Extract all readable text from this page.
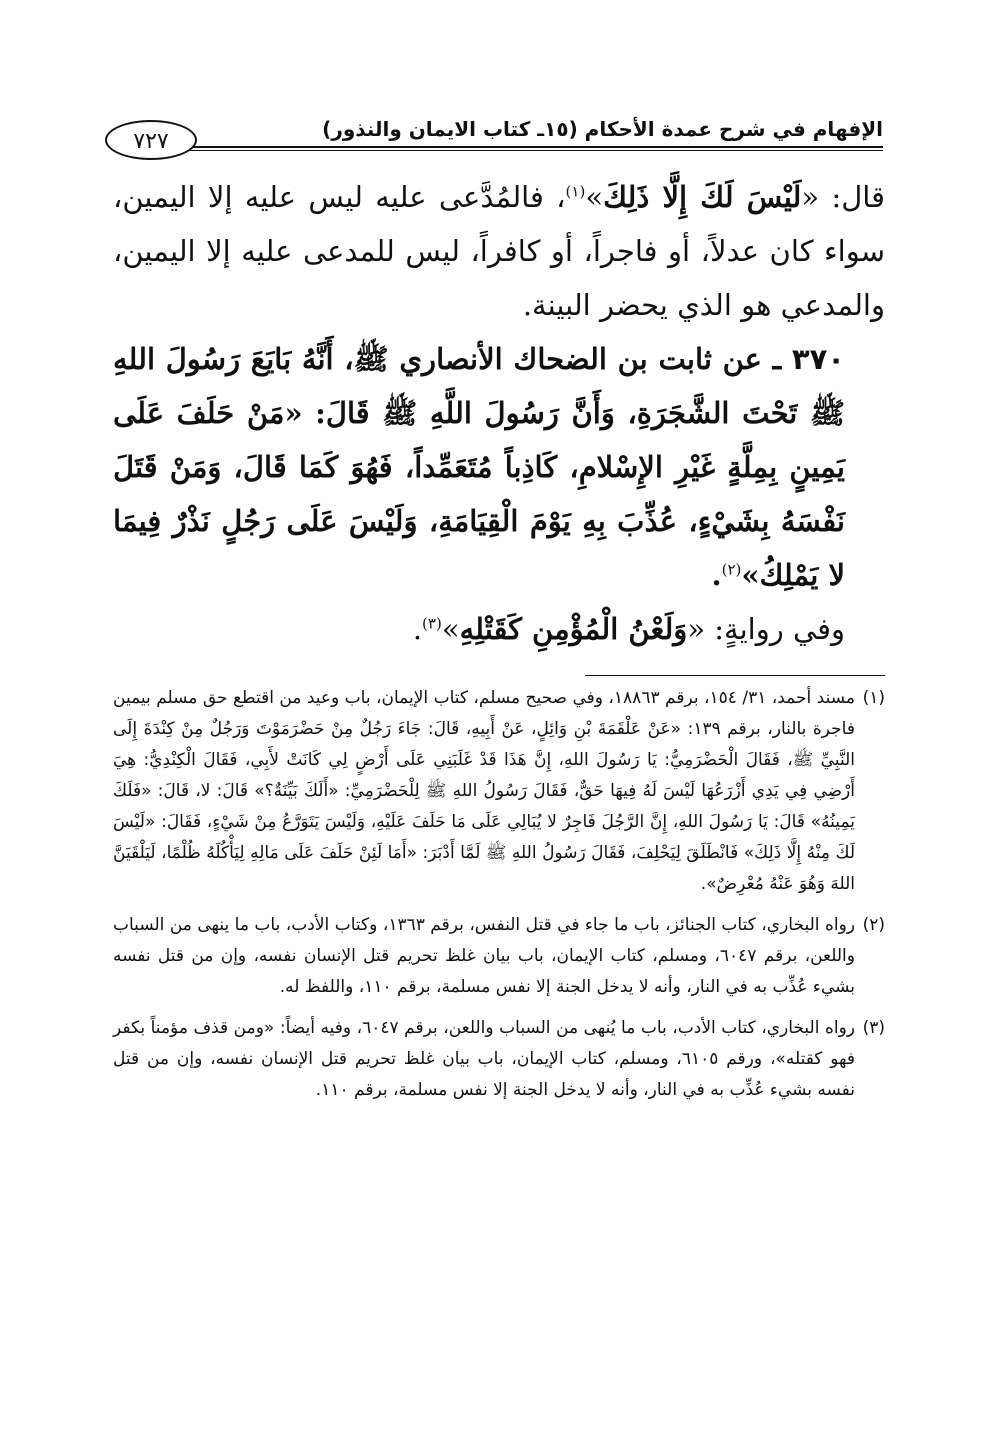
الإفهام في شرح عمدة الأحكام (١٥ـ كتاب الايمان والنذور)
٧٢٧

قال: «لَيْسَ لَكَ إِلَّا ذَلِكَ»$^{(١)}$، فالمُدَّعى عليه ليس عليه إلا اليمين، سواء كان عدلاً، أو فاجراً، أو كافراً، ليس للمدعى عليه إلا اليمين، والمدعي هو الذي يحضر البينة.

٣٧٠ ـ عن ثابت بن الضحاك الأنصاري ﷺ، أَنَّهُ بَايَعَ رَسُولَ اللهِ ﷺ تَحْتَ الشَّجَرَةِ، وَأَنَّ رَسُولَ اللَّهِ ﷺ قَالَ: «مَنْ حَلَفَ عَلَى يَمِينٍ بِمِلَّةٍ غَيْرِ الإِسْلامِ، كَاذِباً مُتَعَمِّداً، فَهُوَ كَمَا قَالَ، وَمَنْ قَتَلَ نَفْسَهُ بِشَيْءٍ، عُذِّبَ بِهِ يَوْمَ الْقِيَامَةِ، وَلَيْسَ عَلَى رَجُلٍ نَذْرٌ فِيمَا لا يَمْلِكُ»$^{(٢)}$.

وفي روايةٍ: «وَلَعْنُ الْمُؤْمِنِ كَقَتْلِهِ»$^{(٣)}$.

(١)
مسند أحمد، ٣١/ ١٥٤، برقم ١٨٨٦٣، وفي صحيح مسلم، كتاب الإيمان، باب وعيد من اقتطع حق مسلم بيمين فاجرة بالنار، برقم ١٣٩: «عَنْ عَلْقَمَةَ بْنِ وَائِلٍ، عَنْ أَبِيهِ، قَالَ: جَاءَ رَجُلٌ مِنْ حَضْرَمَوْتَ وَرَجُلٌ مِنْ كِنْدَةَ إِلَى النَّبِيِّ ﷺ، فَقَالَ الْحَضْرَمِيُّ: يَا رَسُولَ اللهِ، إِنَّ هَذَا قَدْ غَلَبَنِي عَلَى أَرْضٍ لِي كَانَتْ لأَبِي، فَقَالَ الْكِنْدِيُّ: هِيَ أَرْضِي فِي يَدِي أَزْرَعُهَا لَيْسَ لَهُ فِيهَا حَقٌّ، فَقَالَ رَسُولُ اللهِ ﷺ لِلْحَضْرَمِيِّ: «أَلَكَ بَيِّنَةٌ؟» قَالَ: لا، قَالَ: «فَلَكَ يَمِينُهُ» قَالَ: يَا رَسُولَ اللهِ، إِنَّ الرَّجُلَ فَاجِرٌ لا يُبَالِي عَلَى مَا حَلَفَ عَلَيْهِ، وَلَيْسَ يَتَوَرَّعُ مِنْ شَيْءٍ، فَقَالَ: «لَيْسَ لَكَ مِنْهُ إِلَّا ذَلِكَ» فَانْطَلَقَ لِيَحْلِفَ، فَقَالَ رَسُولُ اللهِ ﷺ لَمَّا أَدْبَرَ: «أَمَا لَئِنْ حَلَفَ عَلَى مَالِهِ لِيَأْكُلَهُ ظُلْمًا، لَيَلْقَيَنَّ اللهَ وَهُوَ عَنْهُ مُعْرِضٌ».
(٢)
رواه البخاري، كتاب الجنائز، باب ما جاء في قتل النفس، برقم ١٣٦٣، وكتاب الأدب، باب ما ينهى من السباب واللعن، برقم ٦٠٤٧، ومسلم، كتاب الإيمان، باب بيان غلظ تحريم قتل الإنسان نفسه، وإن من قتل نفسه بشيء عُذِّب به في النار، وأنه لا يدخل الجنة إلا نفس مسلمة، برقم ١١٠، واللفظ له.
(٣)
رواه البخاري، كتاب الأدب، باب ما يُنهى من السباب واللعن، برقم ٦٠٤٧، وفيه أيضاً: «ومن قذف مؤمناً بكفر فهو كقتله»، ورقم ٦١٠٥، ومسلم، كتاب الإيمان، باب بيان غلظ تحريم قتل الإنسان نفسه، وإن من قتل نفسه بشيء عُذِّب به في النار، وأنه لا يدخل الجنة إلا نفس مسلمة، برقم ١١٠.
